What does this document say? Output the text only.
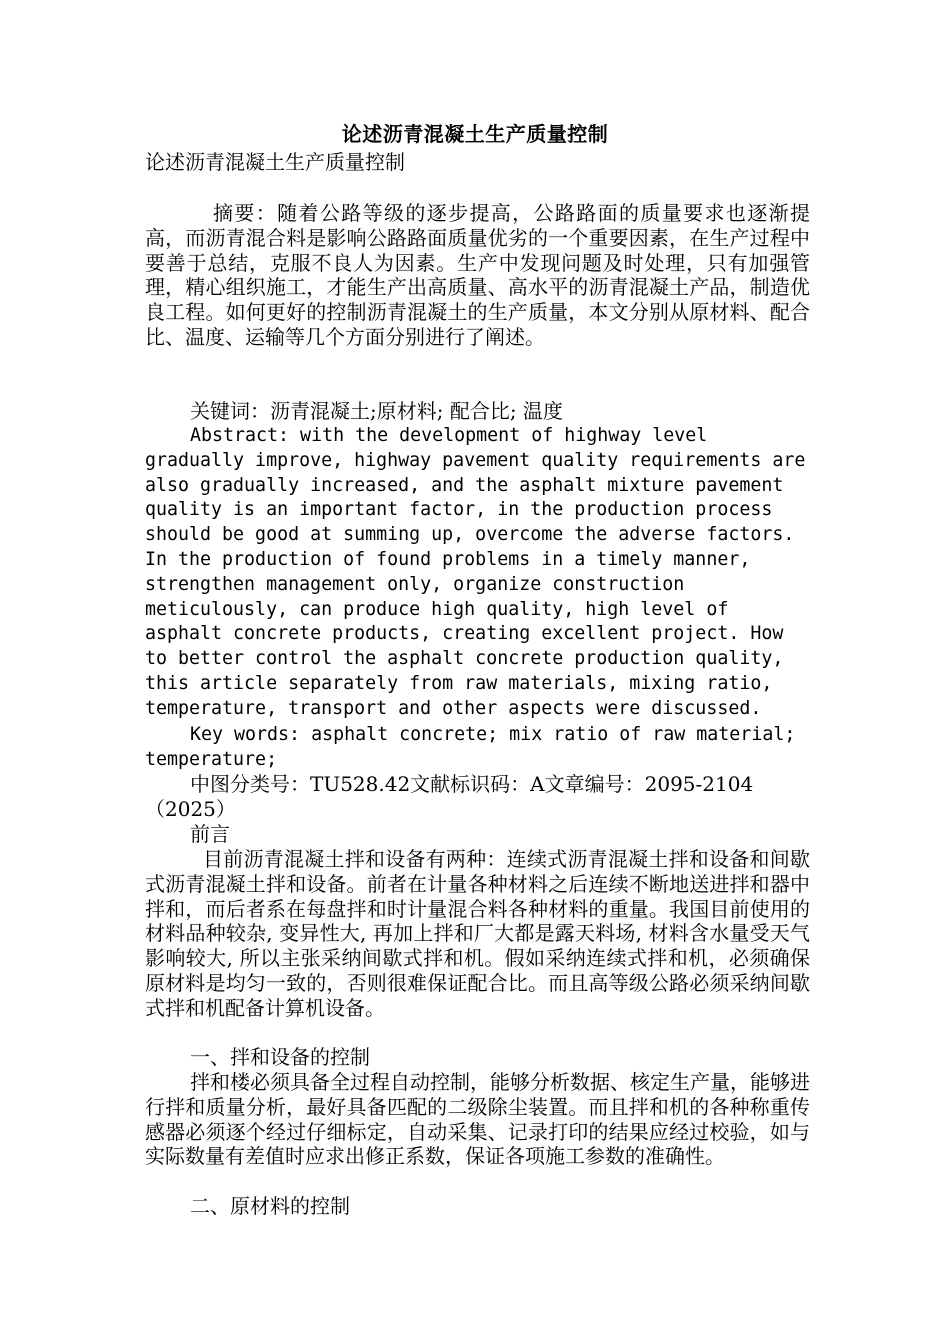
论述沥青混凝土生产质量控制
论述沥青混凝土生产质量控制

摘要：随着公路等级的逐步提高，公路路面的质量要求也逐渐提高，而沥青混合料是影响公路路面质量优劣的一个重要因素，在生产过程中要善于总结，克服不良人为因素。生产中发现问题及时处理，只有加强管理，精心组织施工，才能生产出高质量、高水平的沥青混凝土产品，制造优良工程。如何更好的控制沥青混凝土的生产质量，本文分别从原材料、配合比、温度、运输等几个方面分别进行了阐述。

关键词：沥青混凝土;原材料; 配合比; 温度

Abstract: with the development of highway level gradually improve, highway pavement quality requirements are also gradually increased, and the asphalt mixture pavement quality is an important factor, in the production process should be good at summing up, overcome the adverse factors. In the production of found problems in a timely manner, strengthen management only, organize construction meticulously, can produce high quality, high level of asphalt concrete products, creating excellent project. How to better control the asphalt concrete production quality, this article separately from raw materials, mixing ratio, temperature, transport and other aspects were discussed.

Key words: asphalt concrete; mix ratio of raw material; temperature;

中图分类号：TU528.42文献标识码：A文章编号：2095-2104（2025）

前言

目前沥青混凝土拌和设备有两种：连续式沥青混凝土拌和设备和间歇式沥青混凝土拌和设备。前者在计量各种材料之后连续不断地送进拌和器中拌和，而后者系在每盘拌和时计量混合料各种材料的重量。我国目前使用的材料品种较杂, 变异性大, 再加上拌和厂大都是露天料场, 材料含水量受天气影响较大, 所以主张采纳间歇式拌和机。假如采纳连续式拌和机，必须确保原材料是均匀一致的，否则很难保证配合比。而且高等级公路必须采纳间歇式拌和机配备计算机设备。

一、拌和设备的控制

拌和楼必须具备全过程自动控制，能够分析数据、核定生产量，能够进行拌和质量分析，最好具备匹配的二级除尘装置。而且拌和机的各种称重传感器必须逐个经过仔细标定，自动采集、记录打印的结果应经过校验，如与实际数量有差值时应求出修正系数，保证各项施工参数的准确性。

二、原材料的控制
